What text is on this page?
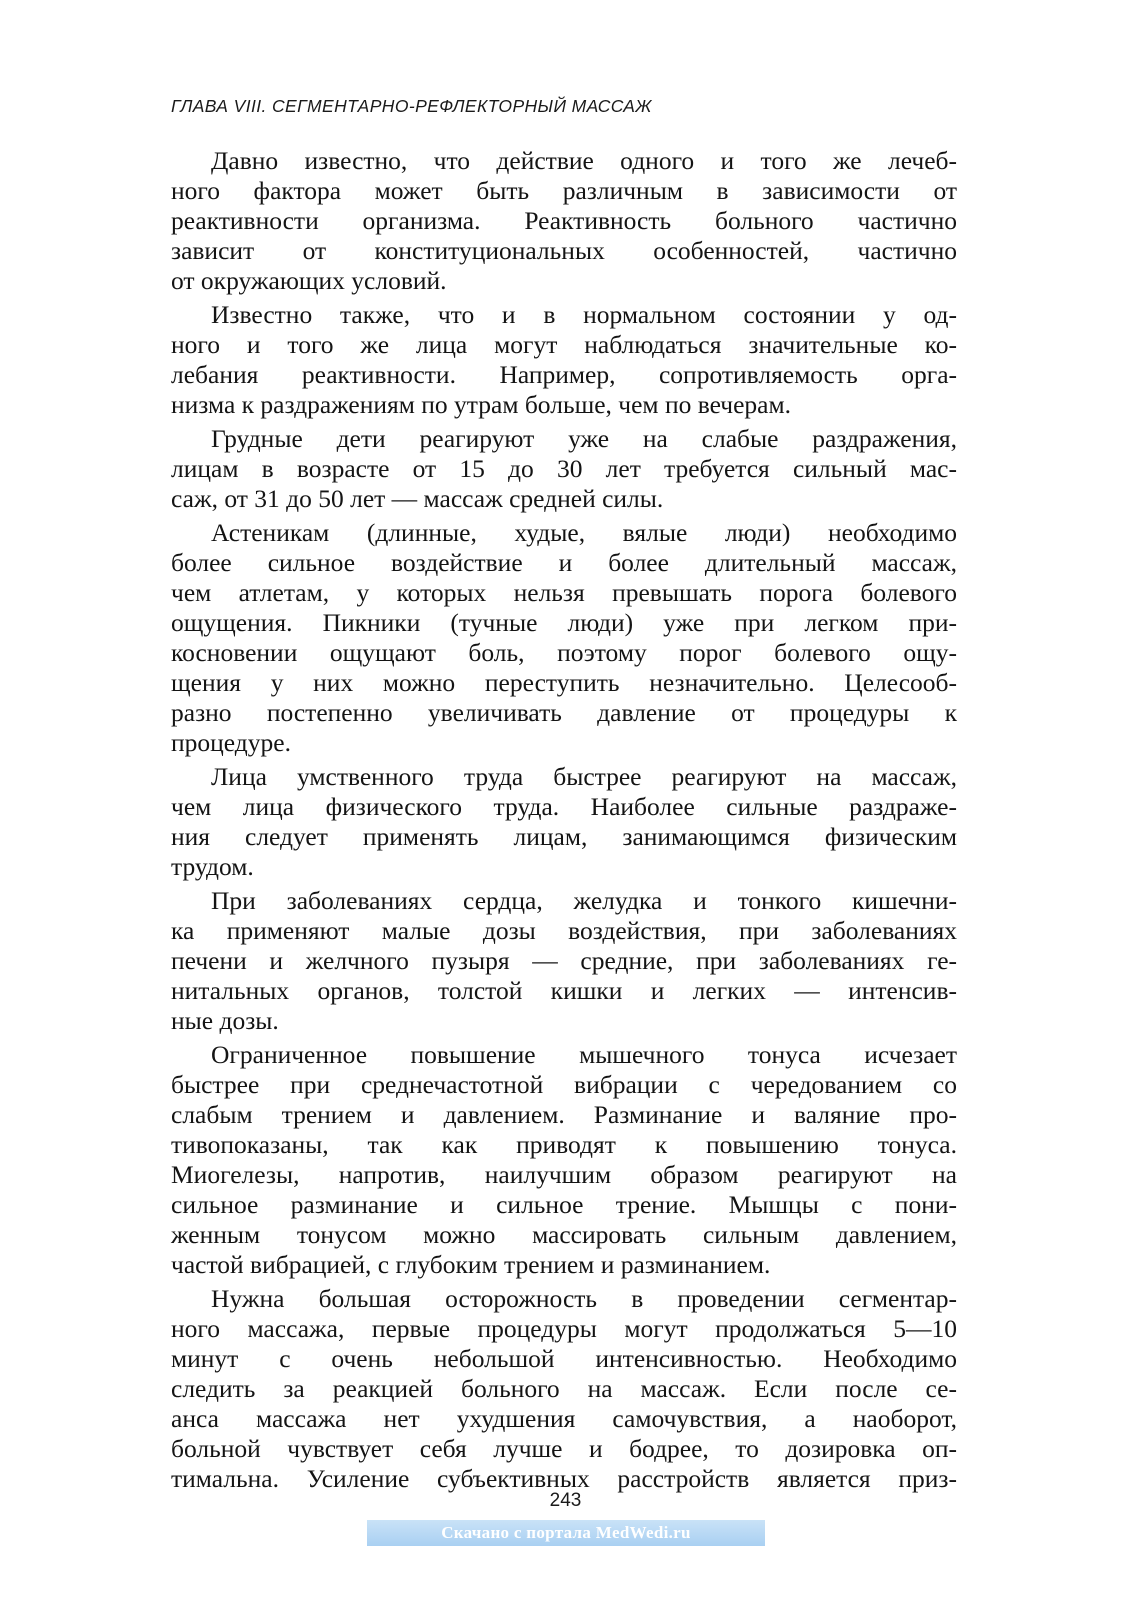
ГЛАВА VIII. СЕГМЕНТАРНО-РЕФЛЕКТОРНЫЙ МАССАЖ

Давно известно, что действие одного и того же лечеб-
ного фактора может быть различным в зависимости от
реактивности организма. Реактивность больного частично
зависит от конституциональных особенностей, частично
от окружающих условий.

Известно также, что и в нормальном состоянии у од-
ного и того же лица могут наблюдаться значительные ко-
лебания реактивности. Например, сопротивляемость орга-
низма к раздражениям по утрам больше, чем по вечерам.

Грудные дети реагируют уже на слабые раздражения,
лицам в возрасте от 15 до 30 лет требуется сильный мас-
саж, от 31 до 50 лет — массаж средней силы.

Астеникам (длинные, худые, вялые люди) необходимо
более сильное воздействие и более длительный массаж,
чем атлетам, у которых нельзя превышать порога болевого
ощущения. Пикники (тучные люди) уже при легком при-
косновении ощущают боль, поэтому порог болевого ощу-
щения у них можно переступить незначительно. Целесооб-
разно постепенно увеличивать давление от процедуры к
процедуре.

Лица умственного труда быстрее реагируют на массаж,
чем лица физического труда. Наиболее сильные раздраже-
ния следует применять лицам, занимающимся физическим
трудом.

При заболеваниях сердца, желудка и тонкого кишечни-
ка применяют малые дозы воздействия, при заболеваниях
печени и желчного пузыря — средние, при заболеваниях ге-
нитальных органов, толстой кишки и легких — интенсив-
ные дозы.

Ограниченное повышение мышечного тонуса исчезает
быстрее при среднечастотной вибрации с чередованием со
слабым трением и давлением. Разминание и валяние про-
тивопоказаны, так как приводят к повышению тонуса.
Миогелезы, напротив, наилучшим образом реагируют на
сильное разминание и сильное трение. Мышцы с пони-
женным тонусом можно массировать сильным давлением,
частой вибрацией, с глубоким трением и разминанием.

Нужна большая осторожность в проведении сегментар-
ного массажа, первые процедуры могут продолжаться 5—10
минут с очень небольшой интенсивностью. Необходимо
следить за реакцией больного на массаж. Если после се-
анса массажа нет ухудшения самочувствия, а наоборот,
больной чувствует себя лучше и бодрее, то дозировка оп-
тимальна. Усиление субъективных расстройств является приз-

243
Скачано с портала MedWedi.ru
